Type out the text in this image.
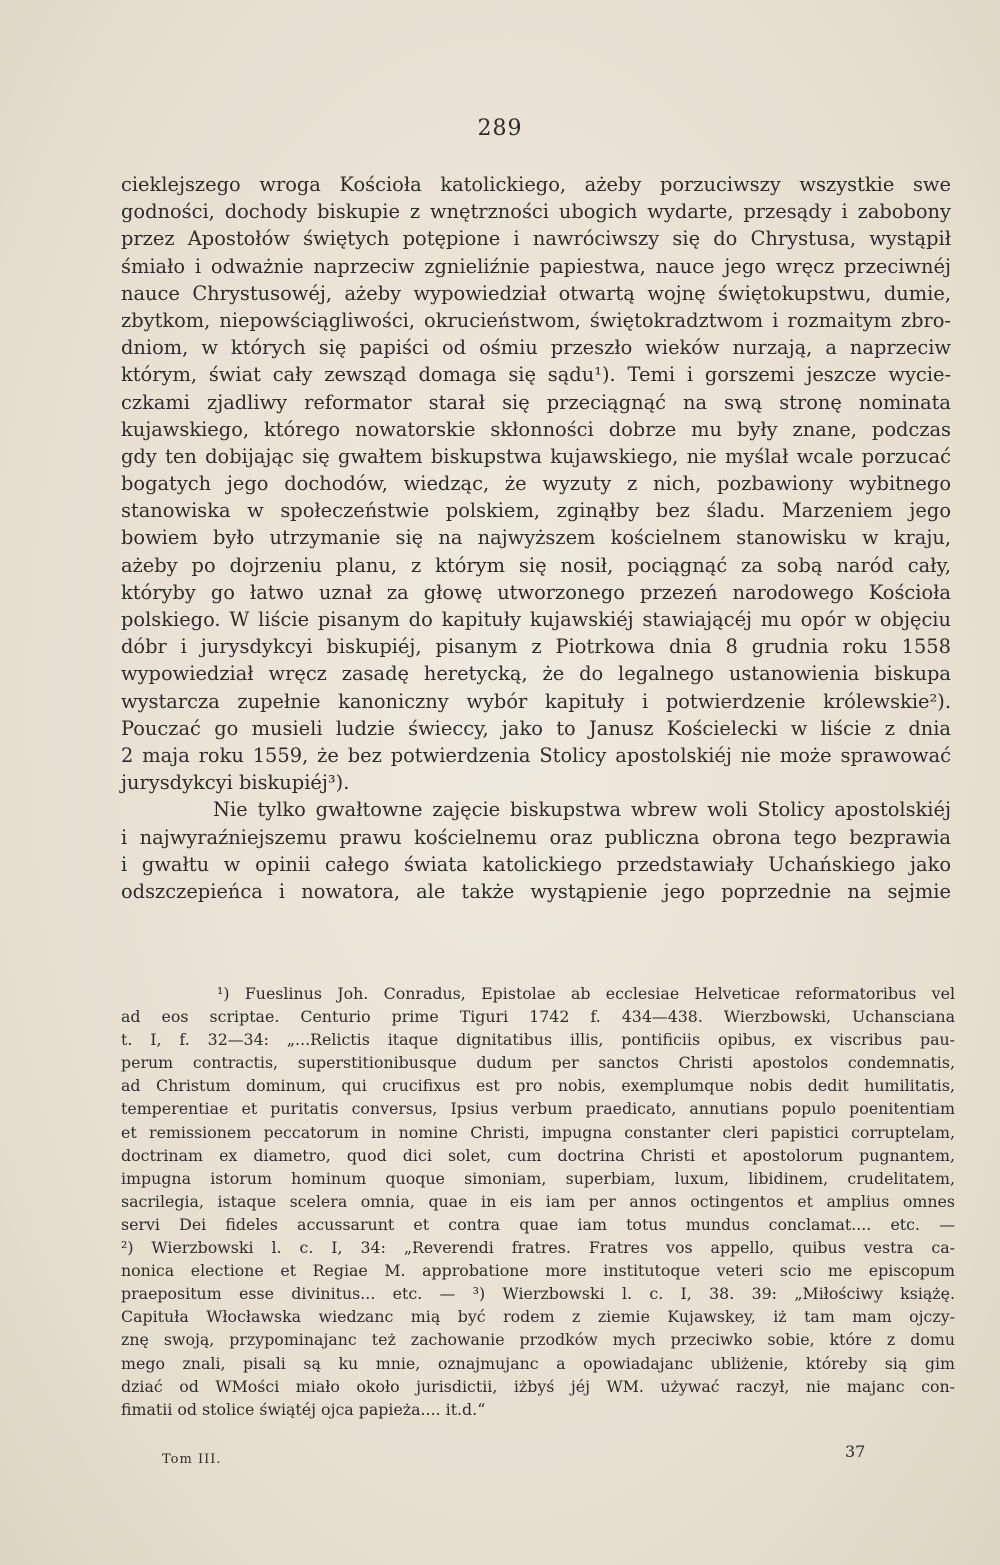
289
cieklejszego wroga Kościoła katolickiego, ażeby porzuciwszy wszystkie swe
godności, dochody biskupie z wnętrzności ubogich wydarte, przesądy i zabobony
przez Apostołów świętych potępione i nawróciwszy się do Chrystusa, wystąpił
śmiało i odważnie naprzeciw zgnieliźnie papiestwa, nauce jego wręcz przeciwnéj
nauce Chrystusowéj, ażeby wypowiedział otwartą wojnę świętokupstwu, dumie,
zbytkom, niepowściągliwości, okrucieństwom, świętokradztwom i rozmaitym zbro-
dniom, w których się papiści od ośmiu przeszło wieków nurzają, a naprzeciw
którym, świat cały zewsząd domaga się sądu¹). Temi i gorszemi jeszcze wycie-
czkami zjadliwy reformator starał się przeciągnąć na swą stronę nominata
kujawskiego, którego nowatorskie skłonności dobrze mu były znane, podczas
gdy ten dobijając się gwałtem biskupstwa kujawskiego, nie myślał wcale porzucać
bogatych jego dochodów, wiedząc, że wyzuty z nich, pozbawiony wybitnego
stanowiska w społeczeństwie polskiem, zginąłby bez śladu. Marzeniem jego
bowiem było utrzymanie się na najwyższem kościelnem stanowisku w kraju,
ażeby po dojrzeniu planu, z którym się nosił, pociągnąć za sobą naród cały,
któryby go łatwo uznał za głowę utworzonego przezeń narodowego Kościoła
polskiego. W liście pisanym do kapituły kujawskiéj stawiającéj mu opór w objęciu
dóbr i jurysdykcyi biskupiéj, pisanym z Piotrkowa dnia 8 grudnia roku 1558
wypowiedział wręcz zasadę heretycką, że do legalnego ustanowienia biskupa
wystarcza zupełnie kanoniczny wybór kapituły i potwierdzenie królewskie²).
Pouczać go musieli ludzie świeccy, jako to Janusz Kościelecki w liście z dnia
2 maja roku 1559, że bez potwierdzenia Stolicy apostolskiéj nie może sprawować
jurysdykcyi biskupiéj³).
Nie tylko gwałtowne zajęcie biskupstwa wbrew woli Stolicy apostolskiéj
i najwyraźniejszemu prawu kościelnemu oraz publiczna obrona tego bezprawia
i gwałtu w opinii całego świata katolickiego przedstawiały Uchańskiego jako
odszczepieńca i nowatora, ale także wystąpienie jego poprzednie na sejmie
¹) Fueslinus Joh. Conradus, Epistolae ab ecclesiae Helveticae reformatoribus vel
ad eos scriptae. Centurio prime Tiguri 1742 f. 434—438. Wierzbowski, Uchansciana
t. I, f. 32—34: „...Relictis itaque dignitatibus illis, pontificiis opibus, ex viscribus pau-
perum contractis, superstitionibusque dudum per sanctos Christi apostolos condemnatis,
ad Christum dominum, qui crucifixus est pro nobis, exemplumque nobis dedit humilitatis,
temperentiae et puritatis conversus, Ipsius verbum praedicato, annutians populo poenitentiam
et remissionem peccatorum in nomine Christi, impugna constanter cleri papistici corruptelam,
doctrinam ex diametro, quod dici solet, cum doctrina Christi et apostolorum pugnantem,
impugna istorum hominum quoque simoniam, superbiam, luxum, libidinem, crudelitatem,
sacrilegia, istaque scelera omnia, quae in eis iam per annos octingentos et amplius omnes
servi Dei fideles accussarunt et contra quae iam totus mundus conclamat.... etc. —
²) Wierzbowski l. c. I, 34: „Reverendi fratres. Fratres vos appello, quibus vestra ca-
nonica electione et Regiae M. approbatione more institutoque veteri scio me episcopum
praepositum esse divinitus... etc. — ³) Wierzbowski l. c. I, 38. 39: „Miłościwy książę.
Capituła Włocławska wiedzanc mią być rodem z ziemie Kujawskey, iż tam mam ojczy-
znę swoją, przypominajanc też zachowanie przodków mych przeciwko sobie, które z domu
mego znali, pisali są ku mnie, oznajmujanc a opowiadajanc ubliżenie, któreby sią gim
dziać od WMości miało około jurisdictii, iżbyś jéj WM. używać raczył, nie majanc con-
fimatii od stolice świątéj ojca papieża.... it.d.“
Tom III.	37
